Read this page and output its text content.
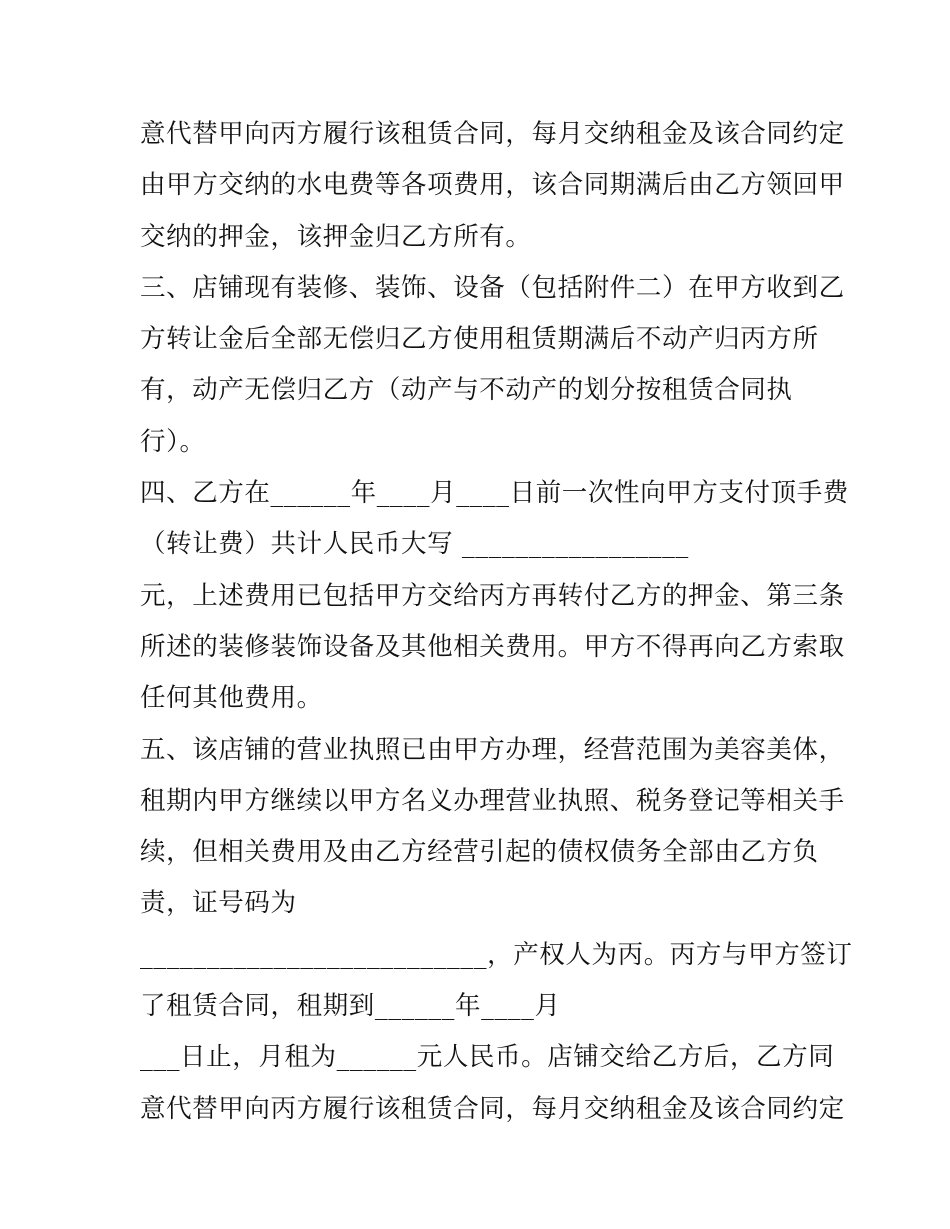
意代替甲向丙方履行该租赁合同，每月交纳租金及该合同约定
由甲方交纳的水电费等各项费用，该合同期满后由乙方领回甲
交纳的押金，该押金归乙方所有。
三、店铺现有装修、装饰、设备（包括附件二）在甲方收到乙
方转让金后全部无偿归乙方使用租赁期满后不动产归丙方所
有，动产无偿归乙方（动产与不动产的划分按租赁合同执
行）。
四、乙方在______年____月____日前一次性向甲方支付顶手费
（转让费）共计人民币大写 _________________
元，上述费用已包括甲方交给丙方再转付乙方的押金、第三条
所述的装修装饰设备及其他相关费用。甲方不得再向乙方索取
任何其他费用。
五、该店铺的营业执照已由甲方办理，经营范围为美容美体，
租期内甲方继续以甲方名义办理营业执照、税务登记等相关手
续，但相关费用及由乙方经营引起的债权债务全部由乙方负
责，证号码为
__________________________，产权人为丙。丙方与甲方签订
了租赁合同，租期到______年____月
___日止，月租为______元人民币。店铺交给乙方后，乙方同
意代替甲向丙方履行该租赁合同，每月交纳租金及该合同约定
